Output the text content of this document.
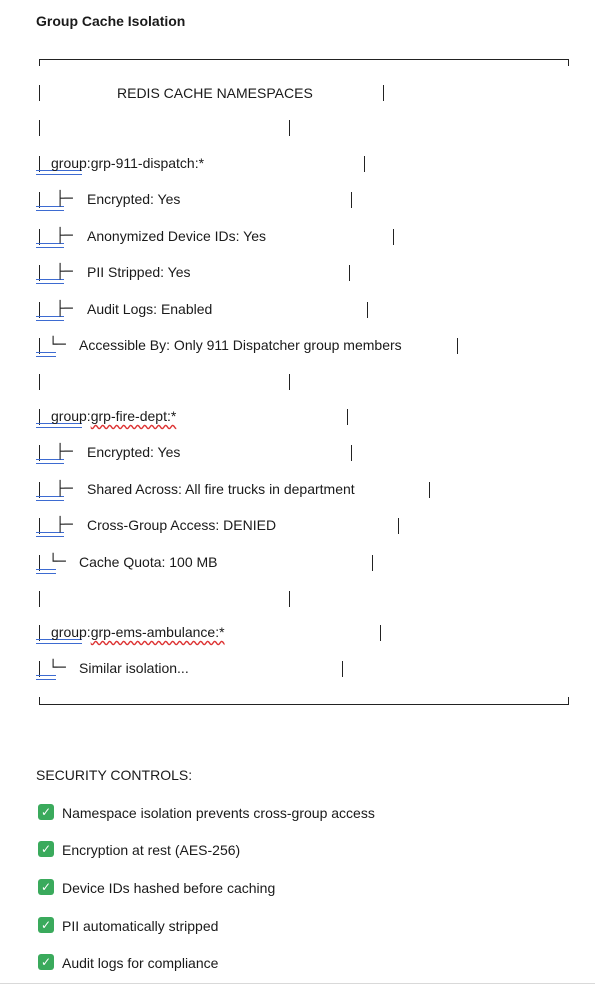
Group Cache Isolation
REDIS CACHE NAMESPACES
group:grp-911-dispatch:*
├─ Encrypted: Yes
├─ Anonymized Device IDs: Yes
├─ PII Stripped: Yes
├─ Audit Logs: Enabled
└─ Accessible By: Only 911 Dispatcher group members
group:grp-fire-dept:*
├─ Encrypted: Yes
├─ Shared Across: All fire trucks in department
├─ Cross-Group Access: DENIED
└─ Cache Quota: 100 MB
group:grp-ems-ambulance:*
└─ Similar isolation...
SECURITY CONTROLS:
✓ Namespace isolation prevents cross-group access
✓ Encryption at rest (AES-256)
✓ Device IDs hashed before caching
✓ PII automatically stripped
✓ Audit logs for compliance
